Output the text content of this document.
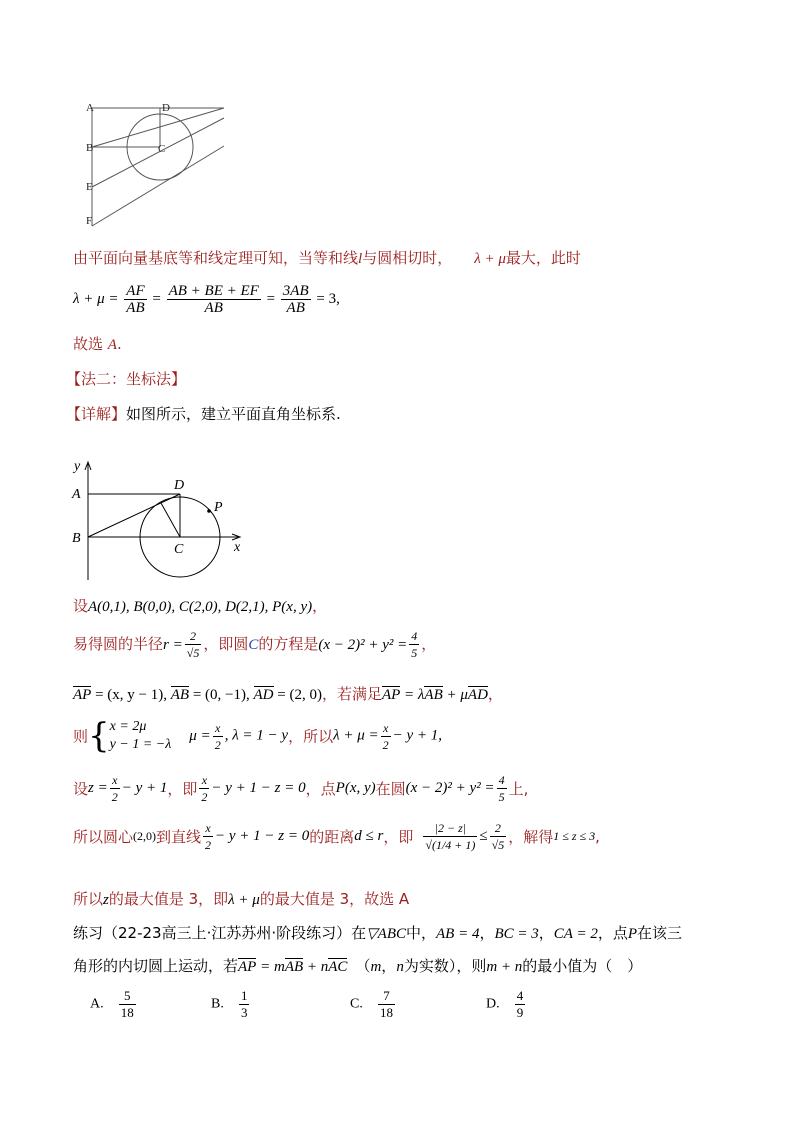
A	D
B	C
E
F
由平面向量基底等和线定理可知，当等和线l与圆相切时， λ + μ最大，此时
$\lambda + \mu = \frac{AF}{AB} = \frac{AB + BE + EF}{AB} = \frac{3AB}{AB} = 3$,
故选 A.
【法二：坐标法】
【详解】如图所示，建立平面直角坐标系.
y
A
D
P
B
C	x
设A(0,1), B(0,0), C(2,0), D(2,1), P(x, y)，
易得圆的半径$r = \frac{2}{√5}$ ，即圆C的方程是$(x - 2)^2 + y^2 = \frac{4}{5}$ ，
AP = (x, y − 1), AB = (0, −1), AD = (2, 0)，若满足AP = λAB + μAD，
则{ x = 2μ
y − 1 = −λ
$\mu = \frac{x}{2}$ , λ = 1 − y，所以$\lambda + \mu = \frac{x}{2} - y + 1$,
设$z = \frac{x}{2} - y + 1$，即 $\frac{x}{2} - y + 1 - z = 0$，点P(x, y)在圆$(x - 2)^2 + y^2 = \frac{4}{5}$ 上,
所以圆心(2,0)到直线 $\frac{x}{2} - y + 1 - z = 0$的距离d ≤ r，即 $\frac{|2 - z|}{√(1/4 + 1)} \le \frac{2}{√5}$ ，解得1 ≤ z ≤ 3,
所以z的最大值是 3，即λ + μ的最大值是 3，故选 A
练习（22-23高三上·江苏苏州·阶段练习）在▽ABC中，AB = 4，BC = 3，CA = 2，点P在该三
角形的内切圆上运动，若AP = mAB + nAC （m，n为实数），则m + n的最小值为（　）
A. $\frac{5}{18}$	B. $\frac{1}{3}$	C. $\frac{7}{18}$	D. $\frac{4}{9}$
